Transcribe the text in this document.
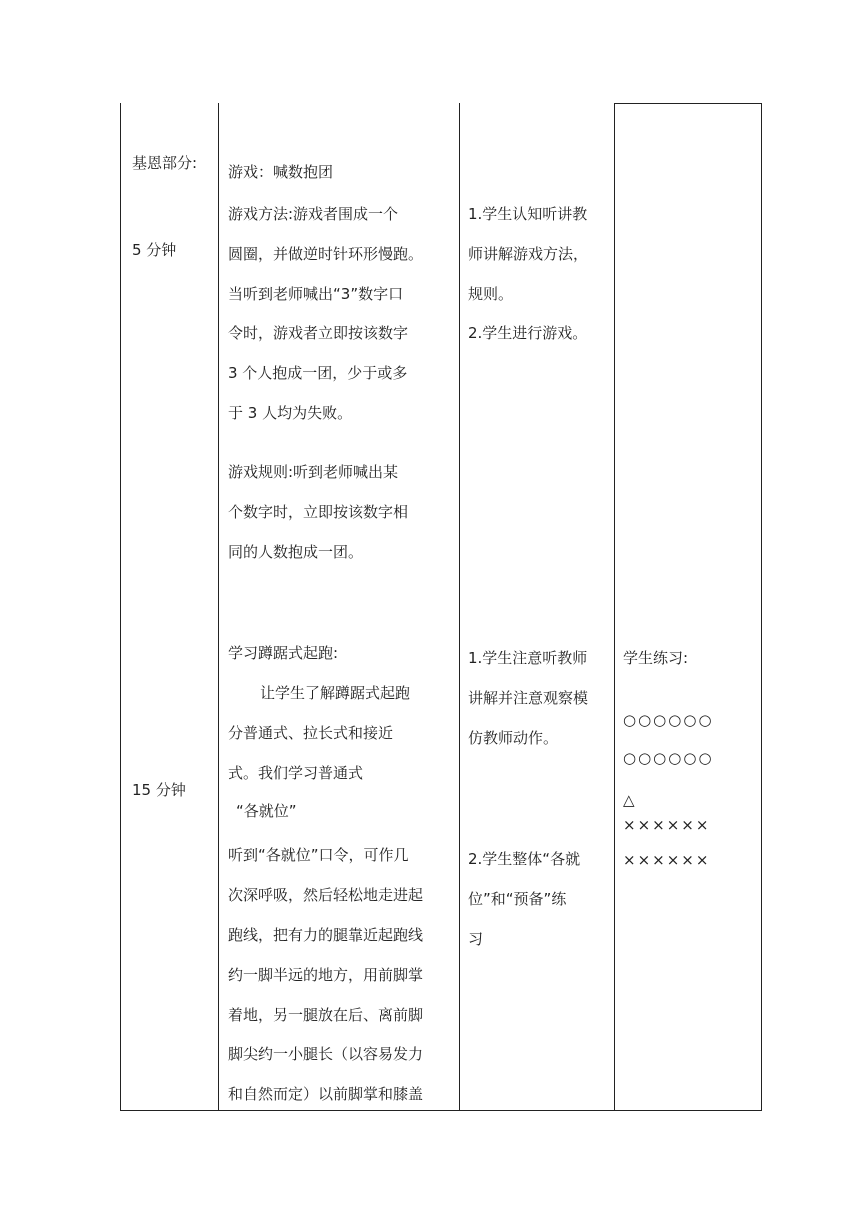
基恩部分:
5 分钟
15 分钟
游戏：喊数抱团
游戏方法:游戏者围成一个
圆圈，并做逆时针环形慢跑。
当听到老师喊出“3”数字口
令时，游戏者立即按该数字
3 个人抱成一团，少于或多
于 3 人均为失败。
游戏规则:听到老师喊出某
个数字时，立即按该数字相
同的人数抱成一团。
学习蹲踞式起跑:
让学生了解蹲踞式起跑
分普通式、拉长式和接近
式。我们学习普通式
“各就位”
听到“各就位”口令，可作几
次深呼吸，然后轻松地走进起
跑线，把有力的腿靠近起跑线
约一脚半远的地方，用前脚掌
着地，另一腿放在后、离前脚
脚尖约一小腿长（以容易发力
和自然而定）以前脚掌和膝盖
1.学生认知听讲教
师讲解游戏方法，
规则。
2.学生进行游戏。
1.学生注意听教师
讲解并注意观察模
仿教师动作。
2.学生整体“各就
位”和“预备”练
习
学生练习:
○○○○○○
○○○○○○
△
××××××
××××××
